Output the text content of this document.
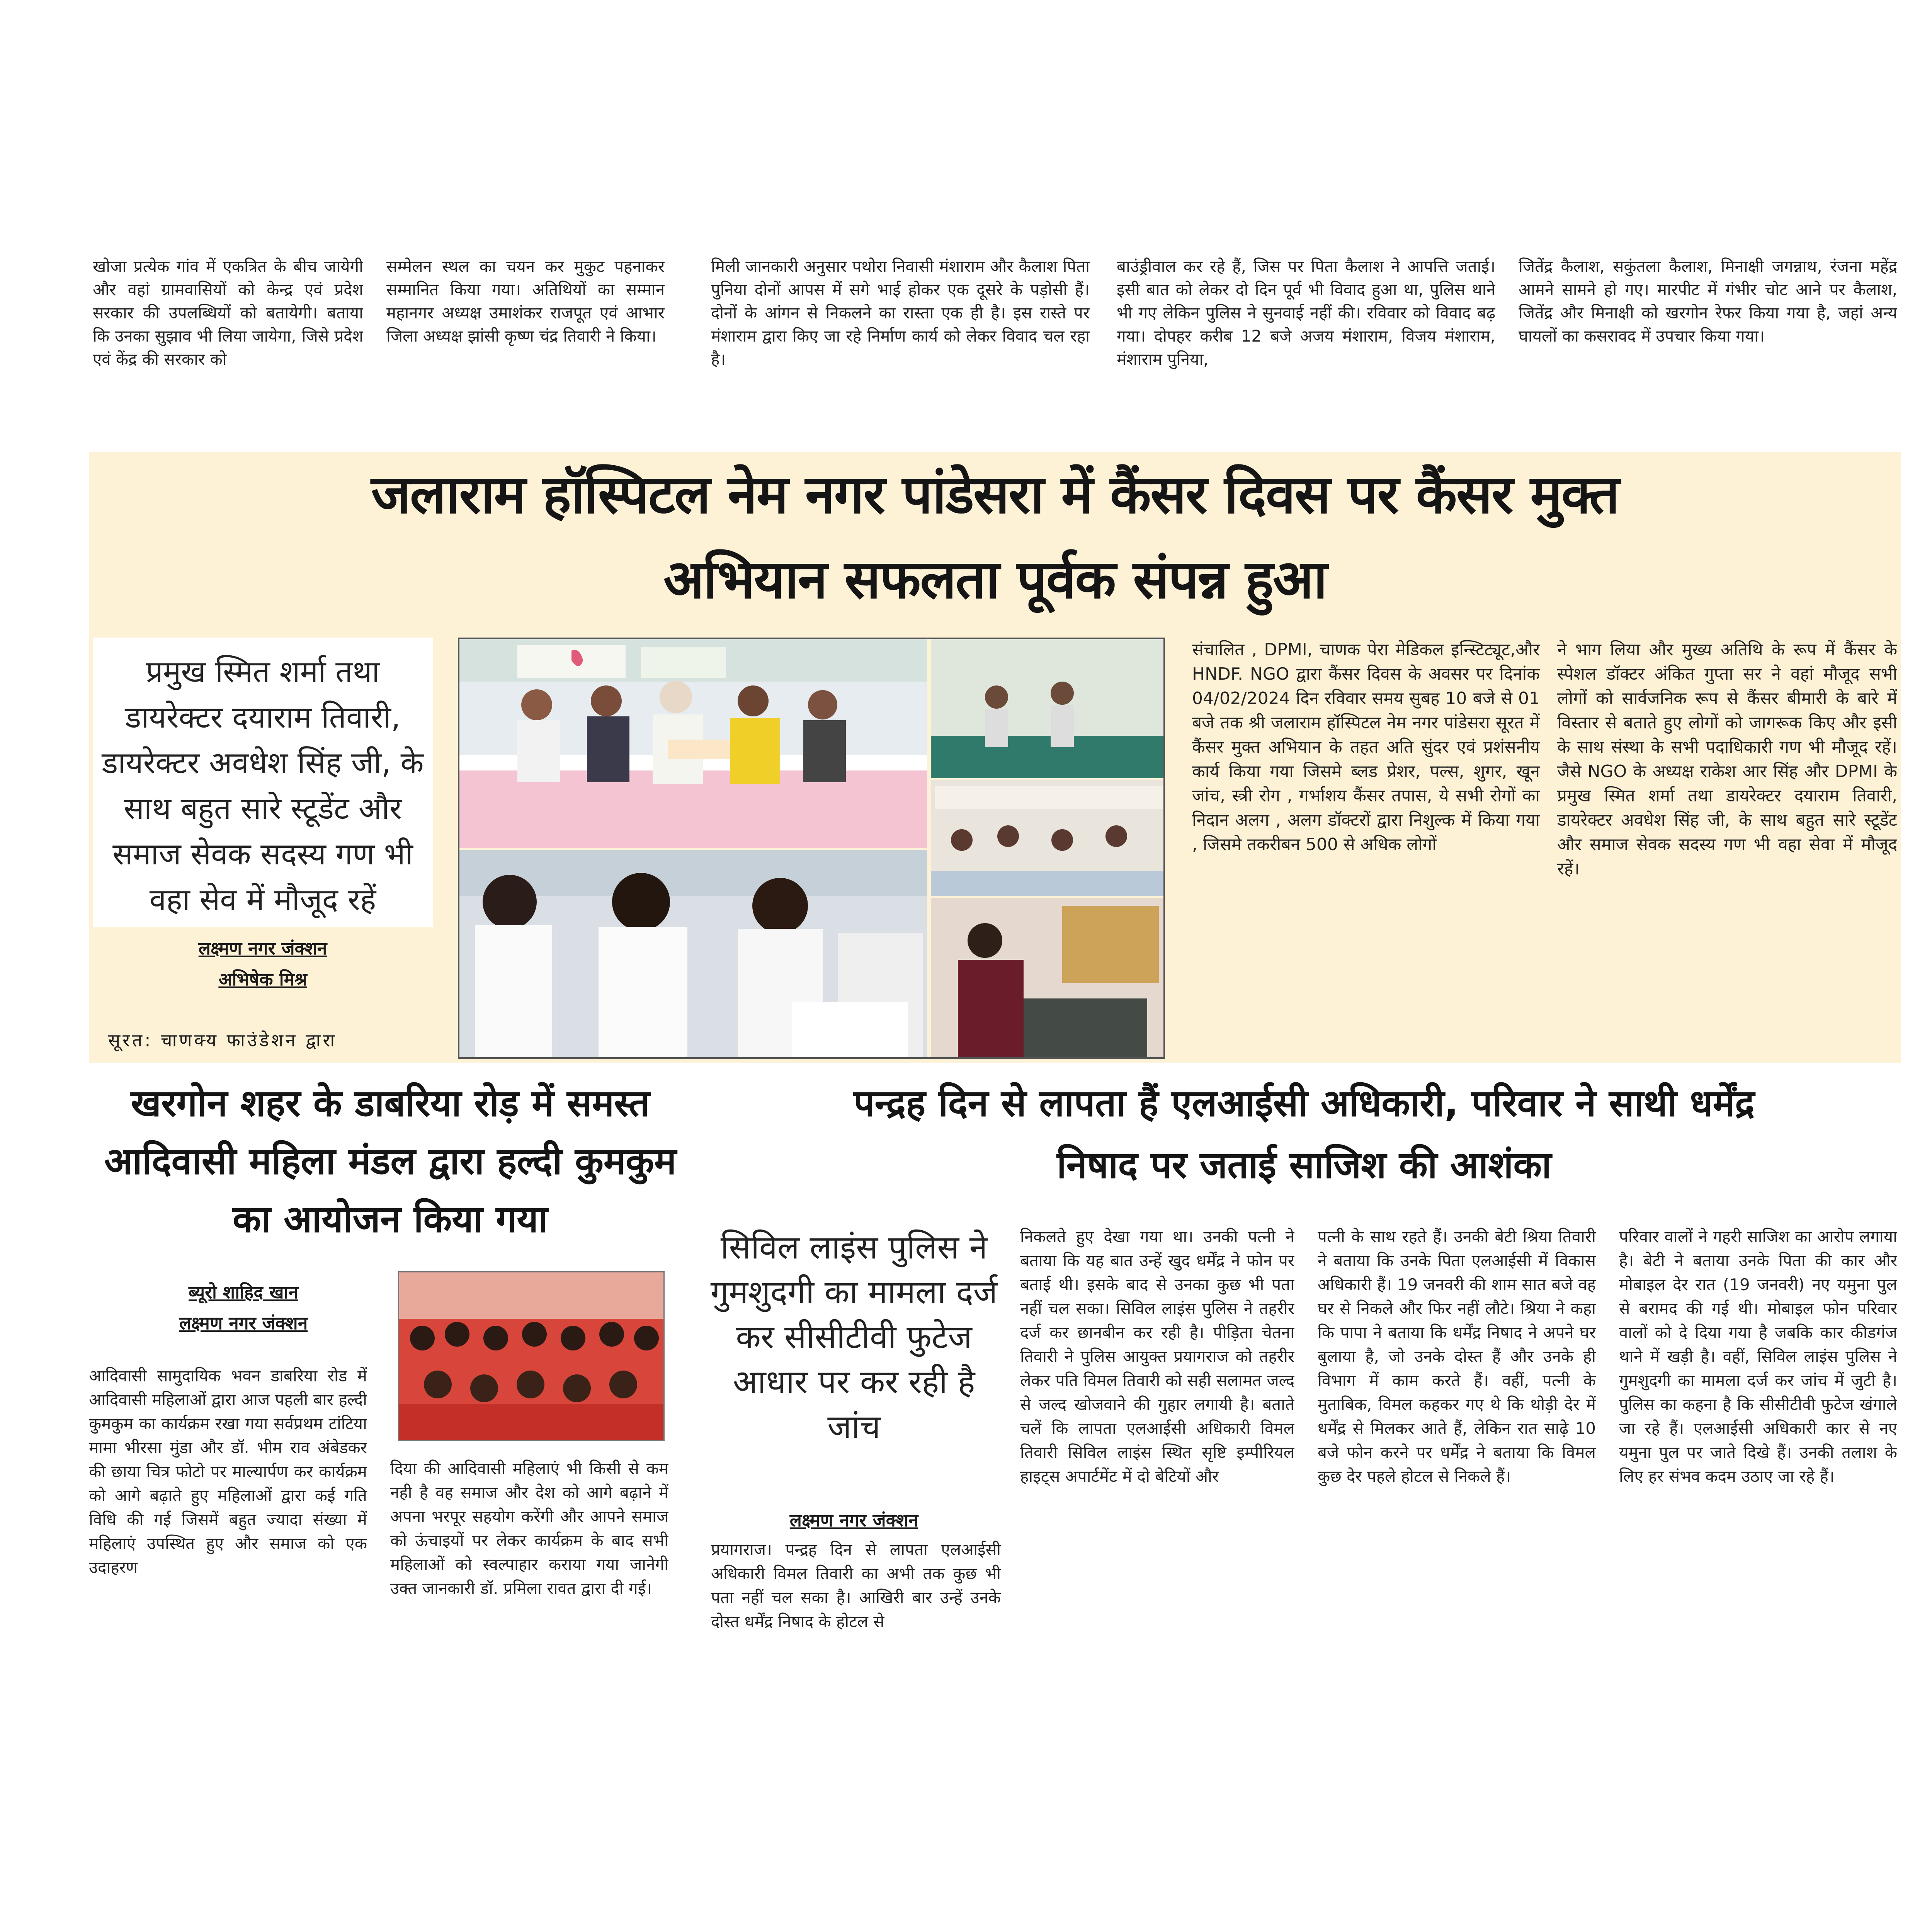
खोजा प्रत्येक गांव में एकत्रित के बीच जायेगी और वहां ग्रामवासियों को केन्द्र एवं प्रदेश सरकार की उपलब्धियों को बतायेगी। बताया कि उनका सुझाव भी लिया जायेगा, जिसे प्रदेश एवं केंद्र की सरकार को
सम्मेलन स्थल का चयन कर मुकुट पहनाकर सम्मानित किया गया। अतिथियों का सम्मान महानगर अध्यक्ष उमाशंकर राजपूत एवं आभार जिला अध्यक्ष झांसी कृष्ण चंद्र तिवारी ने किया।
मिली जानकारी अनुसार पथोरा निवासी मंशाराम और कैलाश पिता पुनिया दोनों आपस में सगे भाई होकर एक दूसरे के पड़ोसी हैं। दोनों के आंगन से निकलने का रास्ता एक ही है। इस रास्ते पर मंशाराम द्वारा किए जा रहे निर्माण कार्य को लेकर विवाद चल रहा है।
बाउंड्रीवाल कर रहे हैं, जिस पर पिता कैलाश ने आपत्ति जताई। इसी बात को लेकर दो दिन पूर्व भी विवाद हुआ था, पुलिस थाने भी गए लेकिन पुलिस ने सुनवाई नहीं की। रविवार को विवाद बढ़ गया। दोपहर करीब 12 बजे अजय मंशाराम, विजय मंशाराम, मंशाराम पुनिया,
जितेंद्र कैलाश, सकुंतला कैलाश, मिनाक्षी जगन्नाथ, रंजना महेंद्र आमने सामने हो गए। मारपीट में गंभीर चोट आने पर कैलाश, जितेंद्र और मिनाक्षी को खरगोन रेफर किया गया है, जहां अन्य घायलों का कसरावद में उपचार किया गया।
जलाराम हॉस्पिटल नेम नगर पांडेसरा में कैंसर दिवस पर कैंसर मुक्त
अभियान सफलता पूर्वक संपन्न हुआ
प्रमुख स्मित शर्मा तथा डायरेक्टर दयाराम तिवारी, डायरेक्टर अवधेश सिंह जी, के साथ बहुत सारे स्टूडेंट और समाज सेवक सदस्य गण भी वहा सेव में मौजूद रहें
लक्ष्मण नगर जंक्शन
अभिषेक मिश्र
सूरत: चाणक्य फाउंडेशन द्वारा
संचालित , DPMI, चाणक पेरा मेडिकल इन्स्टिट्यूट,और HNDF. NGO द्वारा कैंसर दिवस के अवसर पर दिनांक 04/02/2024 दिन रविवार समय सुबह 10 बजे से 01 बजे तक श्री जलाराम हॉस्पिटल नेम नगर पांडेसरा सूरत में कैंसर मुक्त अभियान के तहत अति सुंदर एवं प्रशंसनीय कार्य किया गया जिसमे ब्लड प्रेशर, पल्स, शुगर, खून जांच, स्त्री रोग , गर्भाशय कैंसर तपास, ये सभी रोगों का निदान अलग , अलग डॉक्टरों द्वारा निशुल्क में किया गया , जिसमे तकरीबन 500 से अधिक लोगों
ने भाग लिया और मुख्य अतिथि के रूप में कैंसर के स्पेशल डॉक्टर अंकित गुप्ता सर ने वहां मौजूद सभी लोगों को सार्वजनिक रूप से कैंसर बीमारी के बारे में विस्तार से बताते हुए लोगों को जागरूक किए और इसी के साथ संस्था के सभी पदाधिकारी गण भी मौजूद रहें। जैसे NGO के अध्यक्ष राकेश आर सिंह और DPMI के प्रमुख स्मित शर्मा तथा डायरेक्टर दयाराम तिवारी, डायरेक्टर अवधेश सिंह जी, के साथ बहुत सारे स्टूडेंट और समाज सेवक सदस्य गण भी वहा सेवा में मौजूद रहें।
खरगोन शहर के डाबरिया रोड़ में समस्त आदिवासी महिला मंडल द्वारा हल्दी कुमकुम का आयोजन किया गया
ब्यूरो शाहिद खान
लक्ष्मण नगर जंक्शन
आदिवासी सामुदायिक भवन डाबरिया रोड में आदिवासी महिलाओं द्वारा आज पहली बार हल्दी कुमकुम का कार्यक्रम रखा गया सर्वप्रथम टांटिया मामा भीरसा मुंडा और डॉ. भीम राव अंबेडकर की छाया चित्र फोटो पर माल्यार्पण कर कार्यक्रम को आगे बढ़ाते हुए महिलाओं द्वारा कई गति विधि की गई जिसमें बहुत ज्यादा संख्या में महिलाएं उपस्थित हुए और समाज को एक उदाहरण
दिया की आदिवासी महिलाएं भी किसी से कम नही है वह समाज और देश को आगे बढ़ाने में अपना भरपूर सहयोग करेंगी और आपने समाज को ऊंचाइयों पर लेकर कार्यक्रम के बाद सभी महिलाओं को स्वल्पाहार कराया गया जानेगी उक्त जानकारी डॉ. प्रमिला रावत द्वारा दी गई।
पन्द्रह दिन से लापता हैं एलआईसी अधिकारी, परिवार ने साथी धर्मेंद्र
निषाद पर जताई साजिश की आशंका
सिविल लाइंस पुलिस ने गुमशुदगी का मामला दर्ज कर सीसीटीवी फुटेज आधार पर कर रही है जांच
लक्ष्मण नगर जंक्शन
प्रयागराज। पन्द्रह दिन से लापता एलआईसी अधिकारी विमल तिवारी का अभी तक कुछ भी पता नहीं चल सका है। आखिरी बार उन्हें उनके दोस्त धर्मेंद्र निषाद के होटल से
निकलते हुए देखा गया था। उनकी पत्नी ने बताया कि यह बात उन्हें खुद धर्मेंद्र ने फोन पर बताई थी। इसके बाद से उनका कुछ भी पता नहीं चल सका। सिविल लाइंस पुलिस ने तहरीर दर्ज कर छानबीन कर रही है। पीड़िता चेतना तिवारी ने पुलिस आयुक्त प्रयागराज को तहरीर लेकर पति विमल तिवारी को सही सलामत जल्द से जल्द खोजवाने की गुहार लगायी है। बताते चलें कि लापता एलआईसी अधिकारी विमल तिवारी सिविल लाइंस स्थित सृष्टि इम्पीरियल हाइट्स अपार्टमेंट में दो बेटियों और
पत्नी के साथ रहते हैं। उनकी बेटी श्रिया तिवारी ने बताया कि उनके पिता एलआईसी में विकास अधिकारी हैं। 19 जनवरी की शाम सात बजे वह घर से निकले और फिर नहीं लौटे। श्रिया ने कहा कि पापा ने बताया कि धर्मेंद्र निषाद ने अपने घर बुलाया है, जो उनके दोस्त हैं और उनके ही विभाग में काम करते हैं। वहीं, पत्नी के मुताबिक, विमल कहकर गए थे कि थोड़ी देर में धर्मेंद्र से मिलकर आते हैं, लेकिन रात साढ़े 10 बजे फोन करने पर धर्मेंद्र ने बताया कि विमल कुछ देर पहले होटल से निकले हैं।
परिवार वालों ने गहरी साजिश का आरोप लगाया है। बेटी ने बताया उनके पिता की कार और मोबाइल देर रात (19 जनवरी) नए यमुना पुल से बरामद की गई थी। मोबाइल फोन परिवार वालों को दे दिया गया है जबकि कार कीडगंज थाने में खड़ी है। वहीं, सिविल लाइंस पुलिस ने गुमशुदगी का मामला दर्ज कर जांच में जुटी है। पुलिस का कहना है कि सीसीटीवी फुटेज खंगाले जा रहे हैं। एलआईसी अधिकारी कार से नए यमुना पुल पर जाते दिखे हैं। उनकी तलाश के लिए हर संभव कदम उठाए जा रहे हैं।
